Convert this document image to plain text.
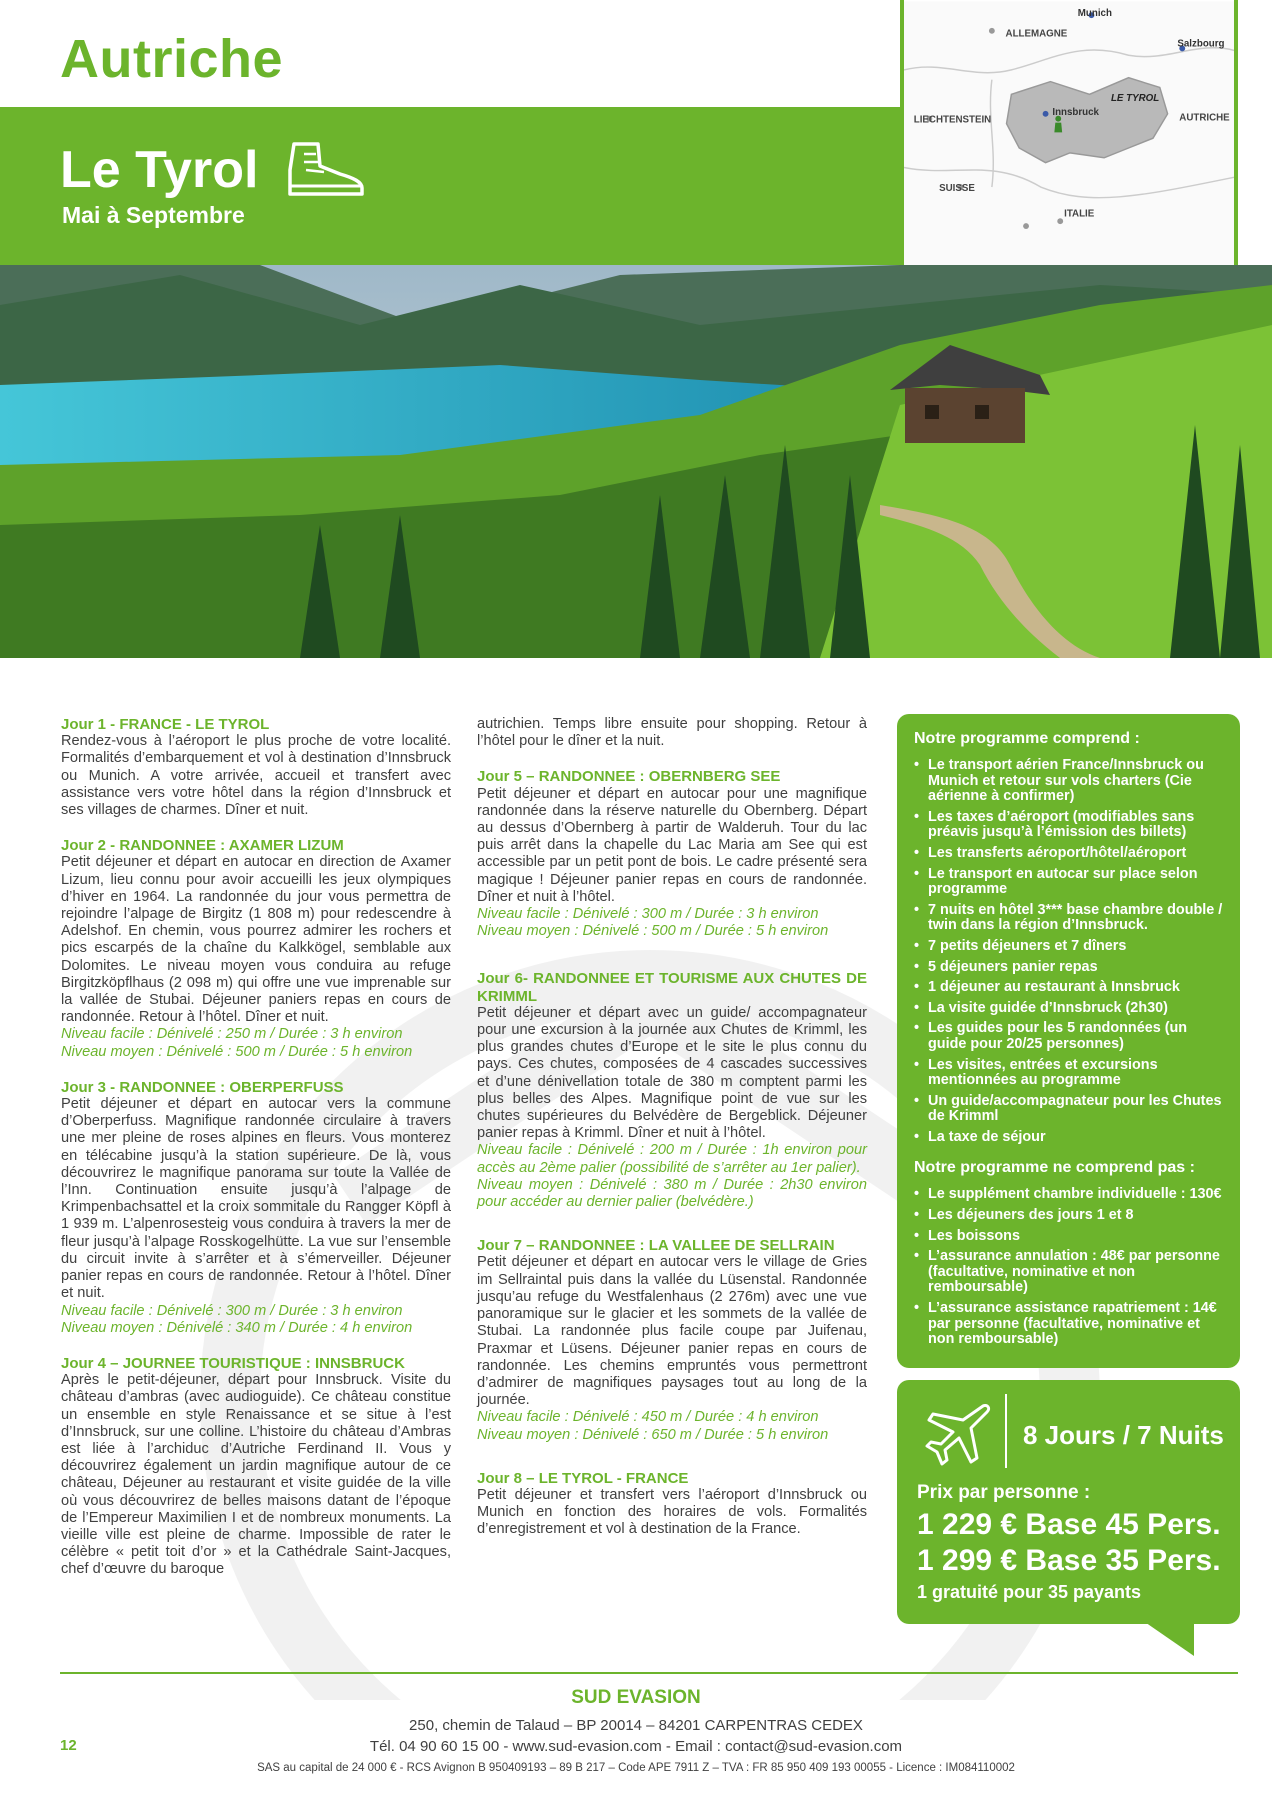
Autriche
Le Tyrol
Mai à Septembre
Munich
ALLEMAGNE
Salzbourg
LE TYROL
LIECHTENSTEIN
Innsbruck
AUTRICHE
SUISSE
ITALIE
Jour 1 - FRANCE - LE TYROL
Rendez-vous à l’aéroport le plus proche de votre localité. Formalités d’embarquement et vol à destination d’Innsbruck ou Munich. A votre arrivée, accueil et transfert avec assistance vers votre hôtel dans la région d’Innsbruck et ses villages de charmes. Dîner et nuit.
Jour 2 - RANDONNEE : AXAMER LIZUM
Petit déjeuner et départ en autocar en direction de Axamer Lizum, lieu connu pour avoir accueilli les jeux olympiques d’hiver en 1964. La randonnée du jour vous permettra de rejoindre l’alpage de Birgitz (1 808 m) pour redescendre à Adelshof. En chemin, vous pourrez admirer les rochers et pics escarpés de la chaîne du Kalkkögel, semblable aux Dolomites. Le niveau moyen vous conduira au refuge Birgitzköpflhaus (2 098 m) qui offre une vue imprenable sur la vallée de Stubai. Déjeuner paniers repas en cours de randonnée. Retour à l’hôtel. Dîner et nuit.
Niveau facile : Dénivelé : 250 m / Durée : 3 h environ
Niveau moyen : Dénivelé : 500 m / Durée : 5 h environ
Jour 3 - RANDONNEE : OBERPERFUSS
Petit déjeuner et départ en autocar vers la commune d’Oberperfuss. Magnifique randonnée circulaire à travers une mer pleine de roses alpines en fleurs. Vous monterez en télécabine jusqu’à la station supérieure. De là, vous découvrirez le magnifique panorama sur toute la Vallée de l’Inn. Continuation ensuite jusqu’à l’alpage de Krimpenbachsattel et la croix sommitale du Rangger Köpfl à 1 939 m. L’alpenrosesteig vous conduira à travers la mer de fleur jusqu’à l’alpage Rosskogelhütte. La vue sur l’ensemble du circuit invite à s’arrêter et à s’émerveiller. Déjeuner panier repas en cours de randonnée. Retour à l’hôtel. Dîner et nuit.
Niveau facile : Dénivelé : 300 m / Durée : 3 h environ
Niveau moyen : Dénivelé : 340 m / Durée : 4 h environ
Jour 4 – JOURNEE TOURISTIQUE : INNSBRUCK
Après le petit-déjeuner, départ pour Innsbruck. Visite du château d’ambras (avec audioguide). Ce château constitue un ensemble en style Renaissance et se situe à l’est d’Innsbruck, sur une colline. L’histoire du château d’Ambras est liée à l’archiduc d’Autriche Ferdinand II. Vous y découvrirez également un jardin magnifique autour de ce château, Déjeuner au restaurant et visite guidée de la ville où vous découvrirez de belles maisons datant de l’époque de l’Empereur Maximilien I et de nombreux monuments. La vieille ville est pleine de charme. Impossible de rater le célèbre « petit toit d’or » et la Cathédrale Saint-Jacques, chef d’œuvre du baroque
autrichien. Temps libre ensuite pour shopping. Retour à l’hôtel pour le dîner et la nuit.
Jour 5 – RANDONNEE : OBERNBERG SEE
Petit déjeuner et départ en autocar pour une magnifique randonnée dans la réserve naturelle du Obernberg. Départ au dessus d’Obernberg à partir de Walderuh. Tour du lac puis arrêt dans la chapelle du Lac Maria am See qui est accessible par un petit pont de bois. Le cadre présenté sera magique ! Déjeuner panier repas en cours de randonnée. Dîner et nuit à l’hôtel.
Niveau facile : Dénivelé : 300 m / Durée : 3 h environ
Niveau moyen : Dénivelé : 500 m / Durée : 5 h environ
Jour 6- RANDONNEE ET TOURISME AUX CHUTES DE KRIMML
Petit déjeuner et départ avec un guide/ accompagnateur pour une excursion à la journée aux Chutes de Krimml, les plus grandes chutes d’Europe et le site le plus connu du pays. Ces chutes, composées de 4 cascades successives et d’une dénivellation totale de 380 m comptent parmi les plus belles des Alpes. Magnifique point de vue sur les chutes supérieures du Belvédère de Bergeblick. Déjeuner panier repas à Krimml. Dîner et nuit à l’hôtel.
Niveau facile : Dénivelé : 200 m / Durée : 1h environ pour accès au 2ème palier (possibilité de s’arrêter au 1er palier).
Niveau moyen : Dénivelé : 380 m / Durée : 2h30 environ pour accéder au dernier palier (belvédère.)
Jour 7 – RANDONNEE : LA VALLEE DE SELLRAIN
Petit déjeuner et départ en autocar vers le village de Gries im Sellraintal puis dans la vallée du Lüsenstal. Randonnée jusqu’au refuge du Westfalenhaus (2 276m) avec une vue panoramique sur le glacier et les sommets de la vallée de Stubai. La randonnée plus facile coupe par Juifenau, Praxmar et Lüsens. Déjeuner panier repas en cours de randonnée. Les chemins empruntés vous permettront d’admirer de magnifiques paysages tout au long de la journée.
Niveau facile : Dénivelé : 450 m / Durée : 4 h environ
Niveau moyen : Dénivelé : 650 m / Durée : 5 h environ
Jour 8 – LE TYROL - FRANCE
Petit déjeuner et transfert vers l’aéroport d’Innsbruck ou Munich en fonction des horaires de vols. Formalités d’enregistrement et vol à destination de la France.
Notre programme comprend :
• Le transport aérien France/Innsbruck ou Munich et retour sur vols charters (Cie aérienne à confirmer)
• Les taxes d’aéroport (modifiables sans préavis jusqu’à l’émission des billets)
• Les transferts aéroport/hôtel/aéroport
• Le transport en autocar sur place selon programme
• 7 nuits en hôtel 3*** base chambre double / twin dans la région d’Innsbruck.
• 7 petits déjeuners et 7 dîners
• 5 déjeuners panier repas
• 1 déjeuner au restaurant à Innsbruck
• La visite guidée d’Innsbruck (2h30)
• Les guides pour les 5 randonnées (un guide pour 20/25 personnes)
• Les visites, entrées et excursions mentionnées au programme
• Un guide/accompagnateur pour les Chutes de Krimml
• La taxe de séjour
Notre programme ne comprend pas :
• Le supplément chambre individuelle : 130€
• Les déjeuners des jours 1 et 8
• Les boissons
• L’assurance annulation : 48€ par personne (facultative, nominative et non remboursable)
• L’assurance assistance rapatriement : 14€ par personne (facultative, nominative et non remboursable)
8 Jours / 7 Nuits
Prix par personne :
1 229 € Base 45 Pers.
1 299 € Base 35 Pers.
1 gratuité pour 35 payants
SUD EVASION
250, chemin de Talaud – BP 20014 – 84201 CARPENTRAS CEDEX
Tél. 04 90 60 15 00 - www.sud-evasion.com - Email : contact@sud-evasion.com
SAS au capital de 24 000 € - RCS Avignon B 950409193 – 89 B 217 – Code APE 7911 Z – TVA : FR 85 950 409 193 00055 - Licence : IM084110002
12
